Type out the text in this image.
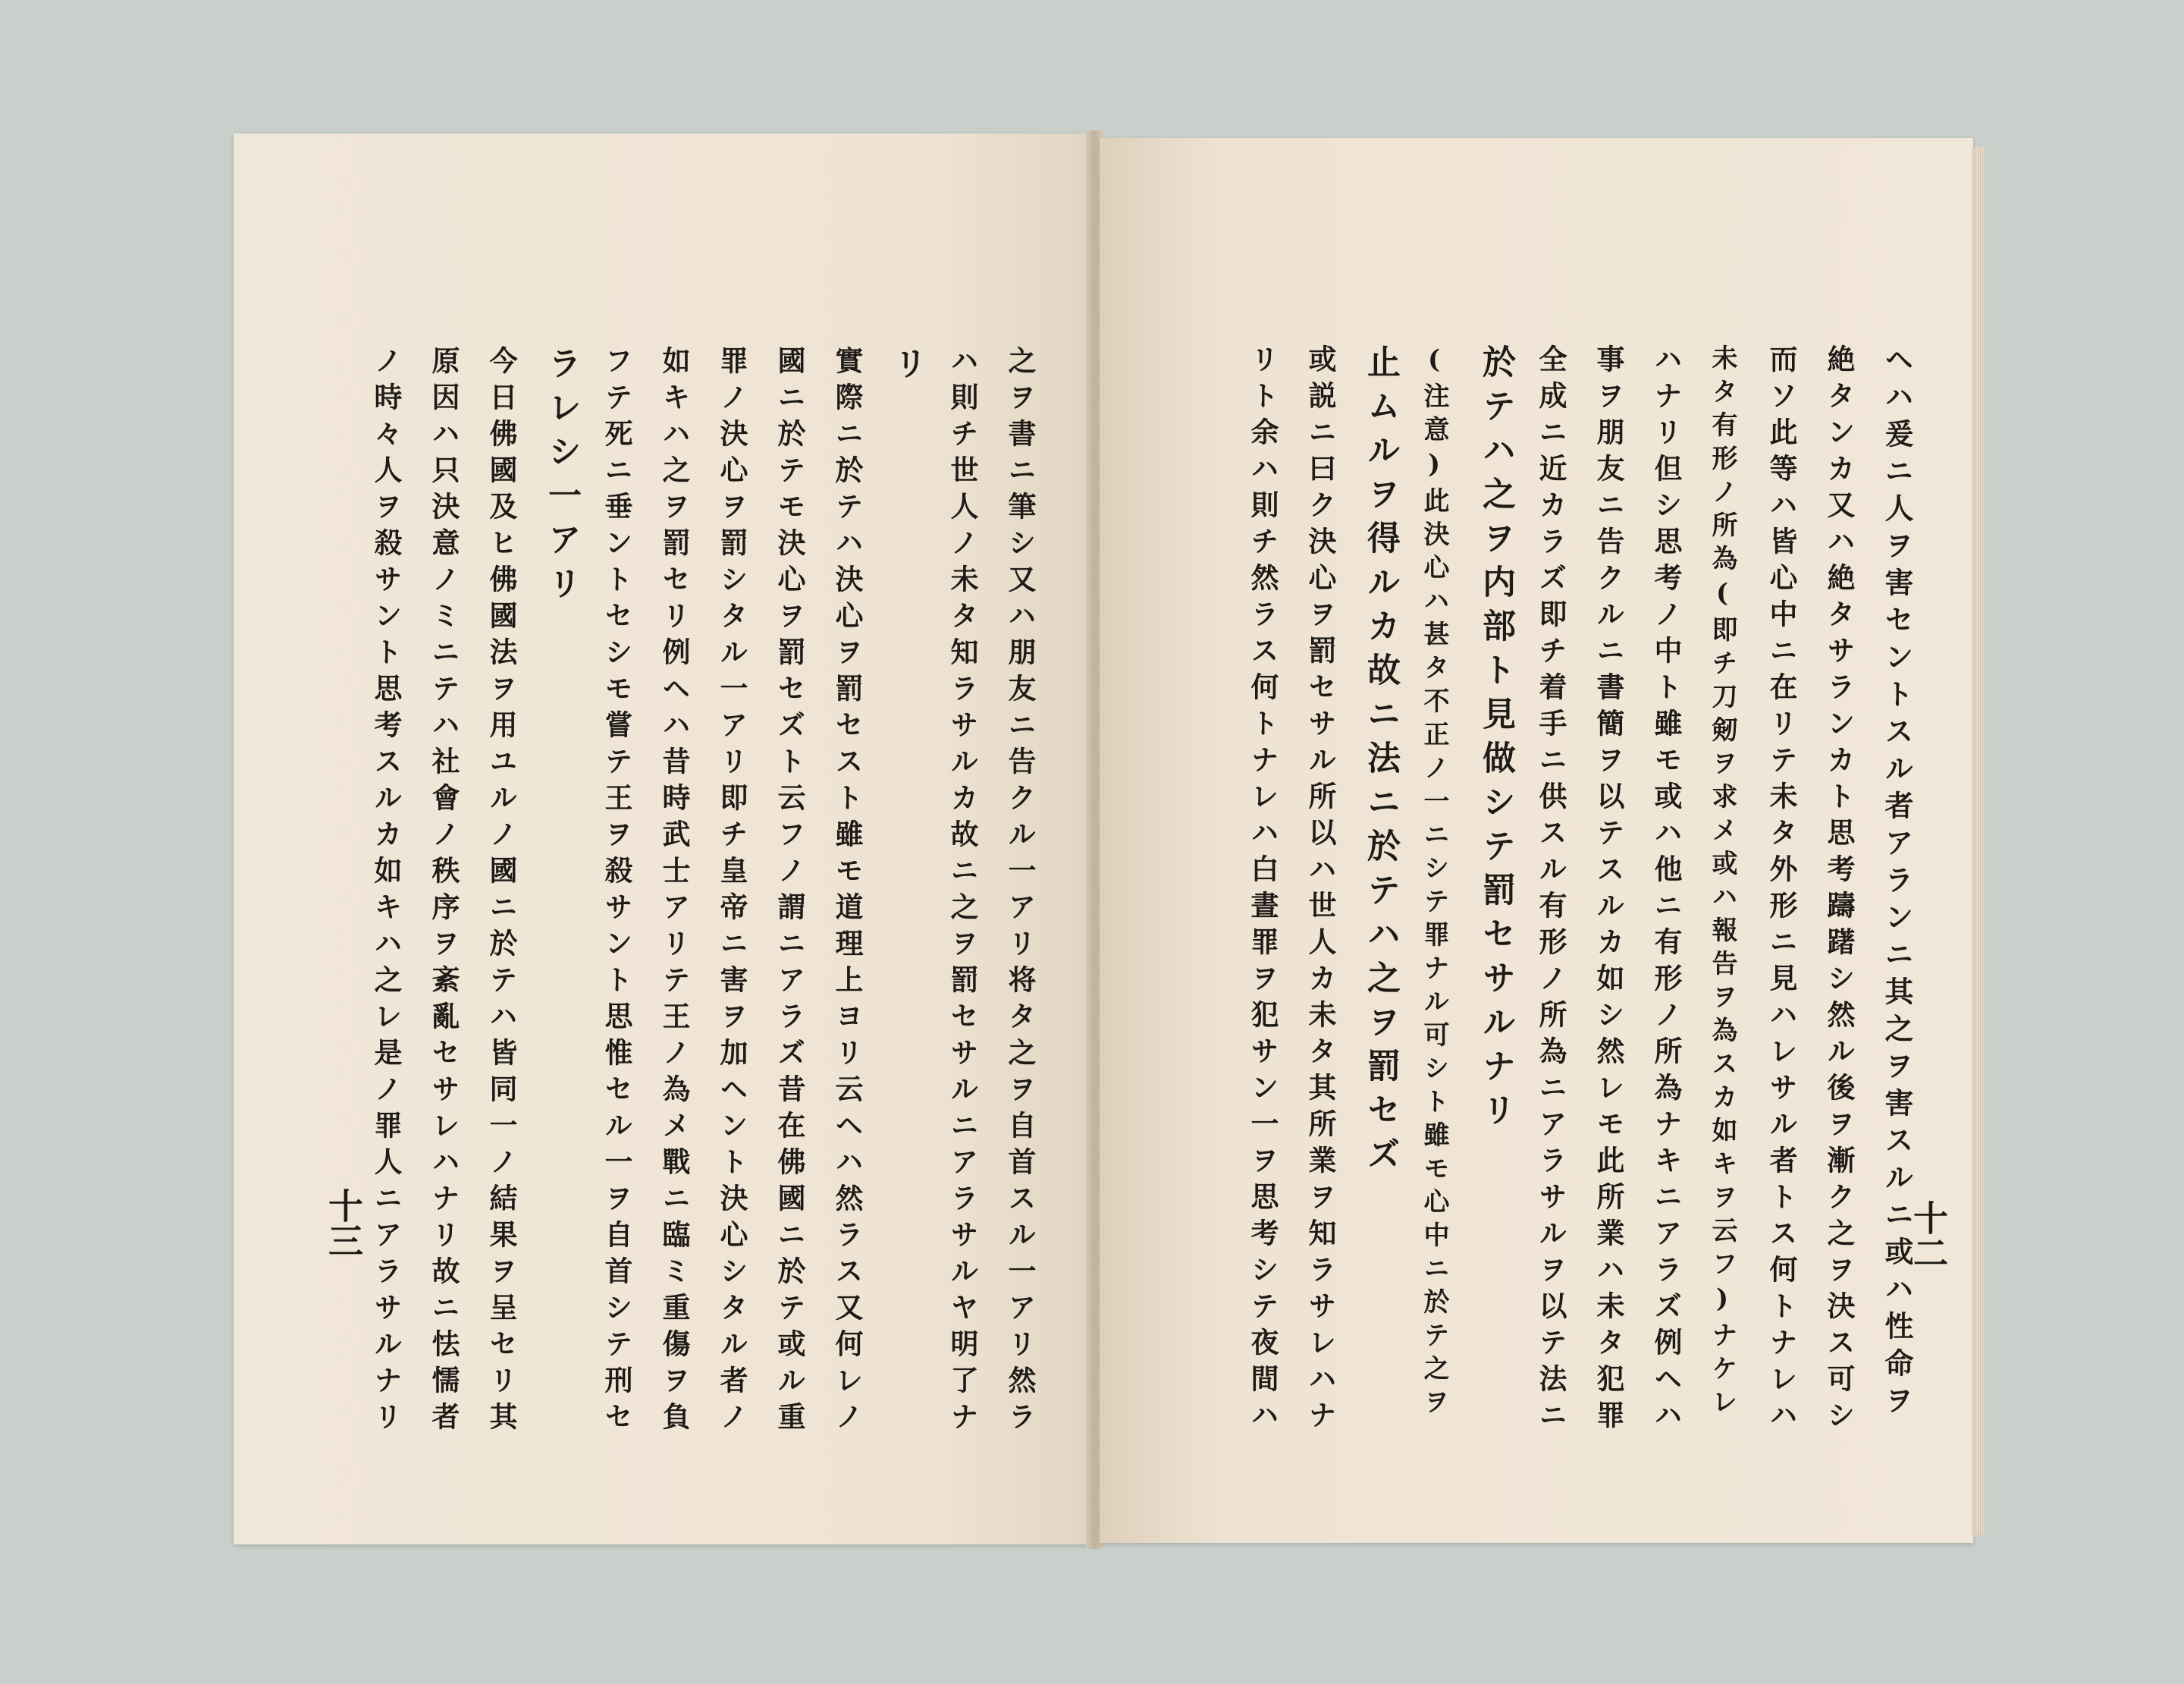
之ヲ書ニ筆シ又ハ朋友ニ告クル一アリ将タ之ヲ自首スル一アリ然ラ
ハ則チ世人ノ未タ知ラサルカ故ニ之ヲ罰セサルニアラサルヤ明了ナ
リ
實際ニ於テハ決心ヲ罰セスト雖モ道理上ヨリ云ヘハ然ラス又何レノ
國ニ於テモ決心ヲ罰セズト云フノ謂ニアラズ昔在佛國ニ於テ或ル重
罪ノ決心ヲ罰シタル一アリ即チ皇帝ニ害ヲ加ヘント決心シタル者ノ
如キハ之ヲ罰セリ例ヘハ昔時武士アリテ王ノ為メ戰ニ臨ミ重傷ヲ負
フテ死ニ垂ントセシモ嘗テ王ヲ殺サント思惟セル一ヲ自首シテ刑セ
ラレシ一アリ
今日佛國及ヒ佛國法ヲ用ユルノ國ニ於テハ皆同一ノ結果ヲ呈セリ其
原因ハ只決意ノミニテハ社會ノ秩序ヲ紊亂セサレハナリ故ニ怯懦者
ノ時々人ヲ殺サント思考スルカ如キハ之レ是ノ罪人ニアラサルナリ
十三	ヘハ爰ニ人ヲ害セントスル者アランニ其之ヲ害スルニ或ハ性命ヲ
絶タンカ又ハ絶タサランカト思考躊躇シ然ル後ヲ漸ク之ヲ決ス可シ
而ソ此等ハ皆心中ニ在リテ未タ外形ニ見ハレサル者トス何トナレハ
未タ有形ノ所為(即チ刀剱ヲ求メ或ハ報告ヲ為スカ如キヲ云フ)ナケレ
ハナリ但シ思考ノ中ト雖モ或ハ他ニ有形ノ所為ナキニアラズ例ヘハ
事ヲ朋友ニ告クルニ書簡ヲ以テスルカ如シ然レモ此所業ハ未タ犯罪
全成ニ近カラズ即チ着手ニ供スル有形ノ所為ニアラサルヲ以テ法ニ
於テハ之ヲ内部ト見做シテ罰セサルナリ
(注意)此決心ハ甚タ不正ノ一ニシテ罪ナル可シト雖モ心中ニ於テ之ヲ
止ムルヲ得ルカ故ニ法ニ於テハ之ヲ罰セズ
或説ニ曰ク決心ヲ罰セサル所以ハ世人カ未タ其所業ヲ知ラサレハナ
リト余ハ則チ然ラス何トナレハ白晝罪ヲ犯サン一ヲ思考シテ夜間ハ	十二
